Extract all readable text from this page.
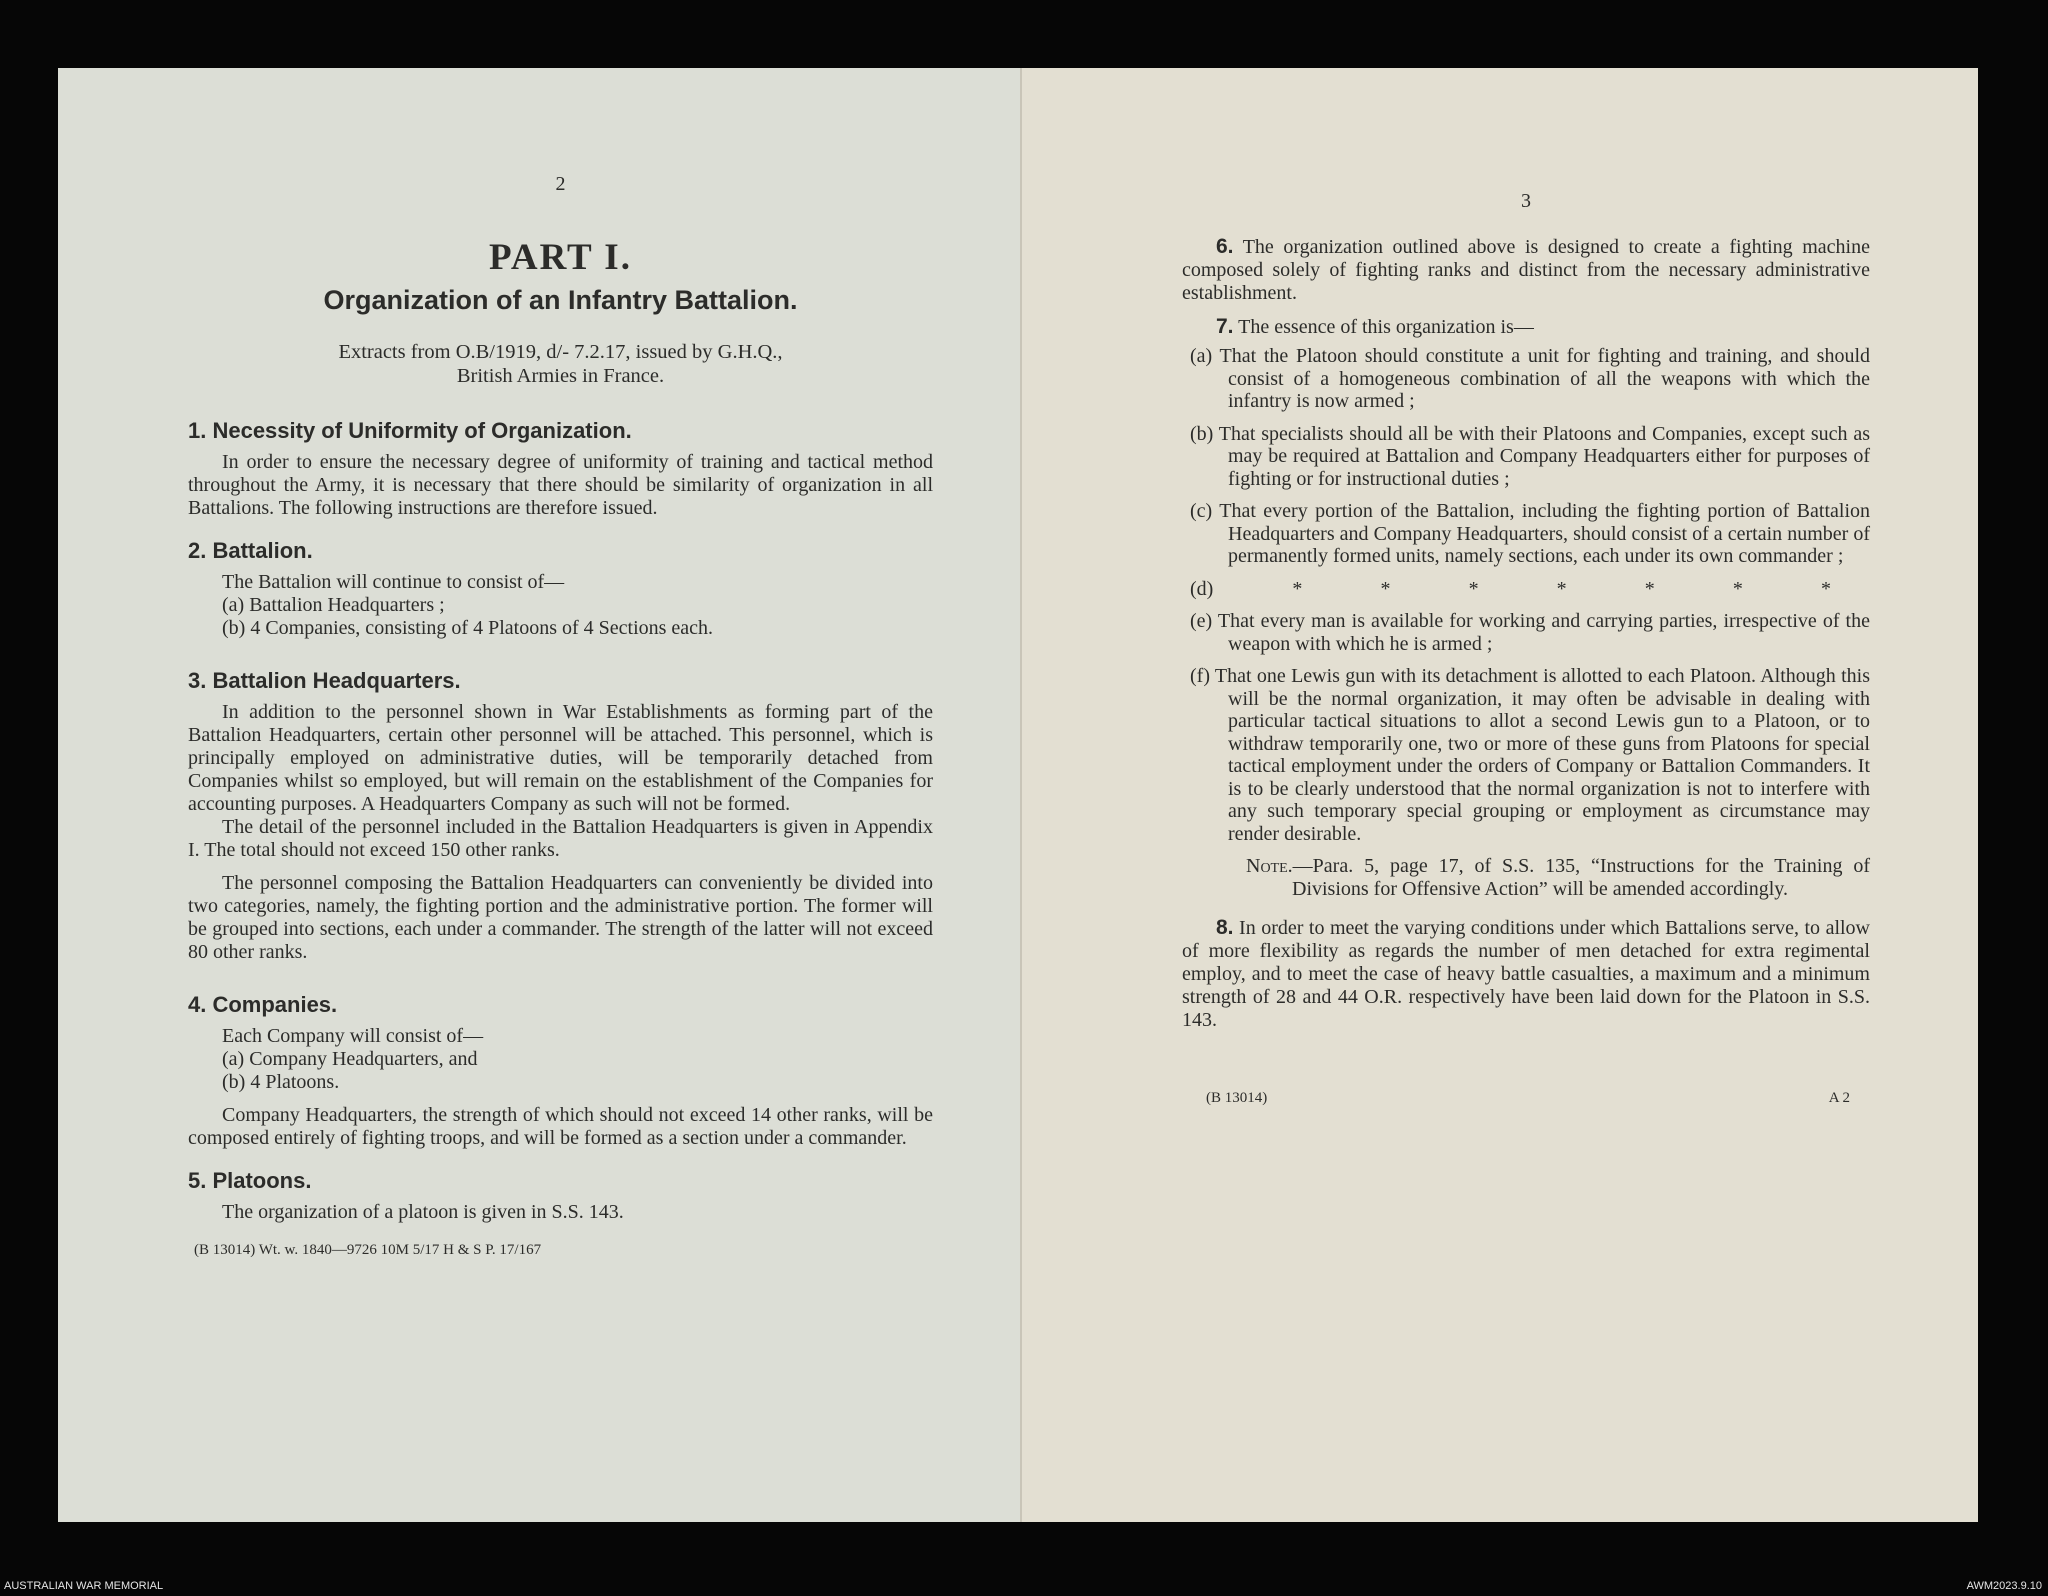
2
PART I.
Organization of an Infantry Battalion.
Extracts from O.B/1919, d/- 7.2.17, issued by G.H.Q.,
British Armies in France.
1. Necessity of Uniformity of Organization.

In order to ensure the necessary degree of uniformity of training and tactical method throughout the Army, it is necessary that there should be similarity of organization in all Battalions. The following instructions are therefore issued.

2. Battalion.
The Battalion will continue to consist of—
(a) Battalion Headquarters ;
(b) 4 Companies, consisting of 4 Platoons of 4 Sections each.
3. Battalion Headquarters.

In addition to the personnel shown in War Establishments as forming part of the Battalion Headquarters, certain other personnel will be attached. This personnel, which is principally employed on administrative duties, will be temporarily detached from Companies whilst so employed, but will remain on the establishment of the Companies for accounting purposes. A Headquarters Company as such will not be formed.

The detail of the personnel included in the Battalion Headquarters is given in Appendix I. The total should not exceed 150 other ranks.

The personnel composing the Battalion Headquarters can conveniently be divided into two categories, namely, the fighting portion and the administrative portion. The former will be grouped into sections, each under a commander. The strength of the latter will not exceed 80 other ranks.

4. Companies.
Each Company will consist of—
(a) Company Headquarters, and
(b) 4 Platoons.

Company Headquarters, the strength of which should not exceed 14 other ranks, will be composed entirely of fighting troops, and will be formed as a section under a commander.

5. Platoons.

The organization of a platoon is given in S.S. 143.

(B 13014) Wt. w. 1840—9726 10M 5/17 H & S P. 17/167
3

6. The organization outlined above is designed to create a fighting machine composed solely of fighting ranks and distinct from the necessary administrative establishment.

7. The essence of this organization is—

(a) That the Platoon should constitute a unit for fighting and training, and should consist of a homogeneous combination of all the weapons with which the infantry is now armed ;

(b) That specialists should all be with their Platoons and Companies, except such as may be required at Battalion and Company Headquarters either for purposes of fighting or for instructional duties ;

(c) That every portion of the Battalion, including the fighting portion of Battalion Headquarters and Company Headquarters, should consist of a certain number of permanently formed units, namely sections, each under its own commander ;

(d)	*	*	*	*	*	*	*

(e) That every man is available for working and carrying parties, irrespective of the weapon with which he is armed ;

(f) That one Lewis gun with its detachment is allotted to each Platoon. Although this will be the normal organization, it may often be advisable in dealing with particular tactical situations to allot a second Lewis gun to a Platoon, or to withdraw temporarily one, two or more of these guns from Platoons for special tactical employment under the orders of Company or Battalion Commanders. It is to be clearly understood that the normal organization is not to interfere with any such temporary special grouping or employment as circumstance may render desirable.

Note.—Para. 5, page 17, of S.S. 135, “Instructions for the Training of Divisions for Offensive Action” will be amended accordingly.

8. In order to meet the varying conditions under which Battalions serve, to allow of more flexibility as regards the number of men detached for extra regimental employ, and to meet the case of heavy battle casualties, a maximum and a minimum strength of 28 and 44 O.R. respectively have been laid down for the Platoon in S.S. 143.

(B 13014)	A 2
AUSTRALIAN WAR MEMORIAL	AWM2023.9.10
